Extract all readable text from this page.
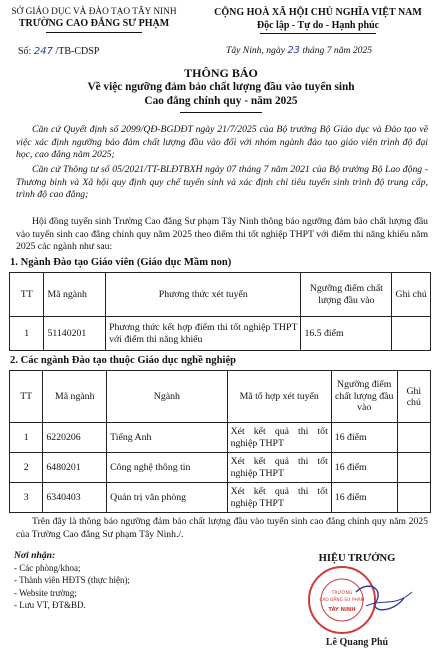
SỞ GIÁO DỤC VÀ ĐÀO TẠO TÂY NINH
TRƯỜNG CAO ĐẲNG SƯ PHẠM
CỘNG HOÀ XÃ HỘI CHỦ NGHĨA VIỆT NAM
Độc lập - Tự do - Hạnh phúc
Số: 247 /TB-CDSP	Tây Ninh, ngày 23 tháng 7 năm 2025
THÔNG BÁO
Về việc ngưỡng đảm bảo chất lượng đầu vào tuyển sinh
Cao đẳng chính quy - năm 2025
Căn cứ Quyết định số 2099/QĐ-BGDĐT ngày 21/7/2025 của Bộ trưởng Bộ Giáo dục và Đào tạo về việc xác định ngưỡng bảo đảm chất lượng đầu vào đối với nhóm ngành đào tạo giáo viên trình độ đại học, cao đẳng năm 2025;
Căn cứ Thông tư số 05/2021/TT-BLĐTBXH ngày 07 tháng 7 năm 2021 của Bộ trưởng Bộ Lao động - Thương binh và Xã hội quy định quy chế tuyển sinh và xác định chỉ tiêu tuyển sinh trình độ trung cấp, trình độ cao đẳng;
Hội đồng tuyển sinh Trường Cao đẳng Sư phạm Tây Ninh thông báo ngưỡng đảm bảo chất lượng đầu vào tuyển sinh cao đẳng chính quy năm 2025 theo điểm thi tốt nghiệp THPT với điểm thi năng khiếu năm 2025 các ngành như sau:
1. Ngành Đào tạo Giáo viên (Giáo dục Mầm non)
TT	Mã ngành	Phương thức xét tuyển	Ngưỡng điểm chất lượng đầu vào	Ghi chú
1	51140201	Phương thức kết hợp điểm thi tốt nghiệp THPT với điểm thi năng khiếu	16.5 điểm	
2. Các ngành Đào tạo thuộc Giáo dục nghề nghiệp
TT	Mã ngành	Ngành	Mã tổ hợp xét tuyển	Ngưỡng điểm chất lượng đầu vào	Ghi chú
1	6220206	Tiếng Anh	Xét kết quả thi tốt nghiệp THPT	16 điểm	
2	6480201	Công nghệ thông tin	Xét kết quả thi tốt nghiệp THPT	16 điểm	
3	6340403	Quản trị văn phòng	Xét kết quả thi tốt nghiệp THPT	16 điểm	
Trên đây là thông báo ngưỡng đảm bảo chất lượng đầu vào tuyển sinh cao đẳng chính quy năm 2025 của Trường Cao đẳng Sư phạm Tây Ninh./.
Nơi nhận:
- Các phòng/khoa;
- Thành viên HĐTS (thực hiện);
- Website trường;
- Lưu VT, ĐT&BD.
HIỆU TRƯỞNG
TRƯỜNG
CAO ĐẲNG SƯ PHẠM
TÂY NINH
Lê Quang Phú
